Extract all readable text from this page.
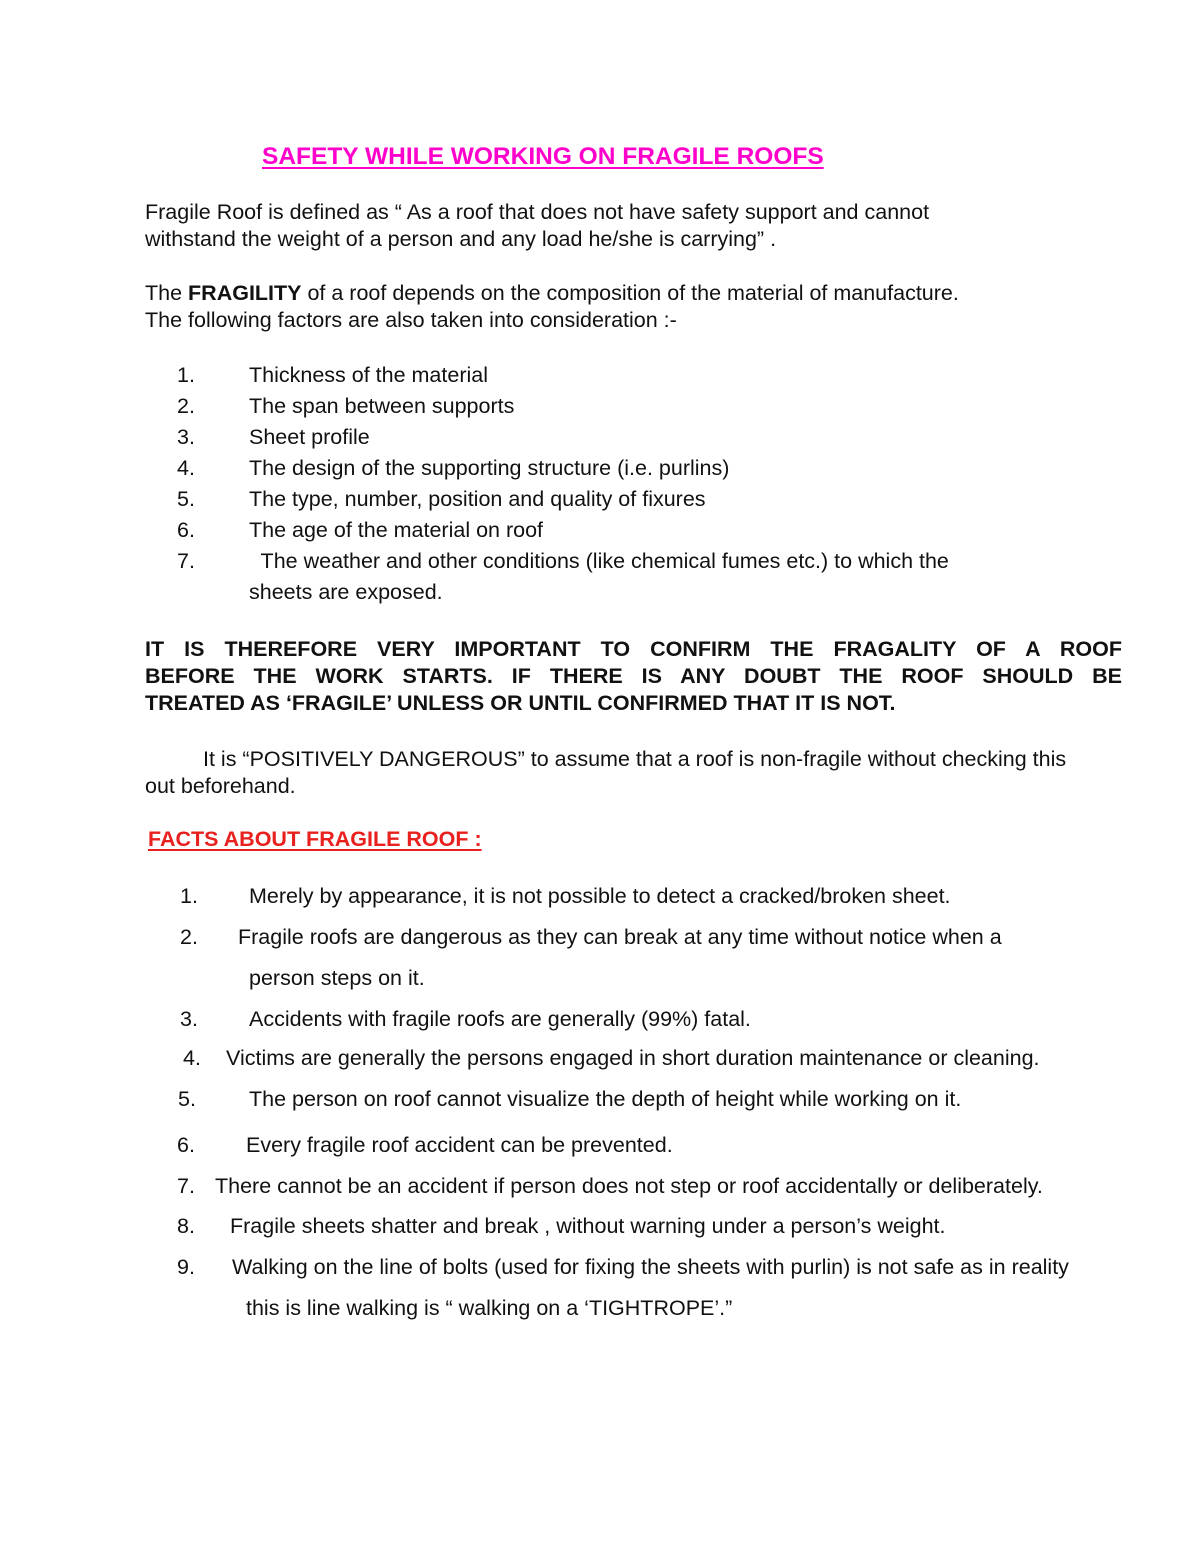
SAFETY WHILE WORKING ON FRAGILE ROOFS
Fragile Roof is defined as “ As a roof that does not have safety support and cannot
withstand the weight of a person and any load he/she is carrying” .
The FRAGILITY of a roof depends on the composition of the material of manufacture.
The following factors are also taken into consideration :-
1.	Thickness of the material
2.	The span between supports
3.	Sheet profile
4.	The design of the supporting structure (i.e. purlins)
5.	The type, number, position and quality of fixures
6.	The age of the material on roof
7.	The weather and other conditions (like chemical fumes etc.) to which the
sheets are exposed.
IT IS THEREFORE VERY IMPORTANT TO CONFIRM THE FRAGALITY OF A ROOF
BEFORE THE WORK STARTS. IF THERE IS ANY DOUBT THE ROOF SHOULD BE
TREATED AS ‘FRAGILE’ UNLESS OR UNTIL CONFIRMED THAT IT IS NOT.
It is “POSITIVELY DANGEROUS” to assume that a roof is non-fragile without checking this
out beforehand.
FACTS ABOUT FRAGILE ROOF :
1. Merely by appearance, it is not possible to detect a cracked/broken sheet.
2. Fragile roofs are dangerous as they can break at any time without notice when a
person steps on it.
3. Accidents with fragile roofs are generally (99%) fatal.
4. Victims are generally the persons engaged in short duration maintenance or cleaning.
5. The person on roof cannot visualize the depth of height while working on it.
6. Every fragile roof accident can be prevented.
7. There cannot be an accident if person does not step or roof accidentally or deliberately.
8. Fragile sheets shatter and break , without warning under a person’s weight.
9. Walking on the line of bolts (used for fixing the sheets with purlin) is not safe as in reality
this is line walking is “ walking on a ‘TIGHTROPE’.”
